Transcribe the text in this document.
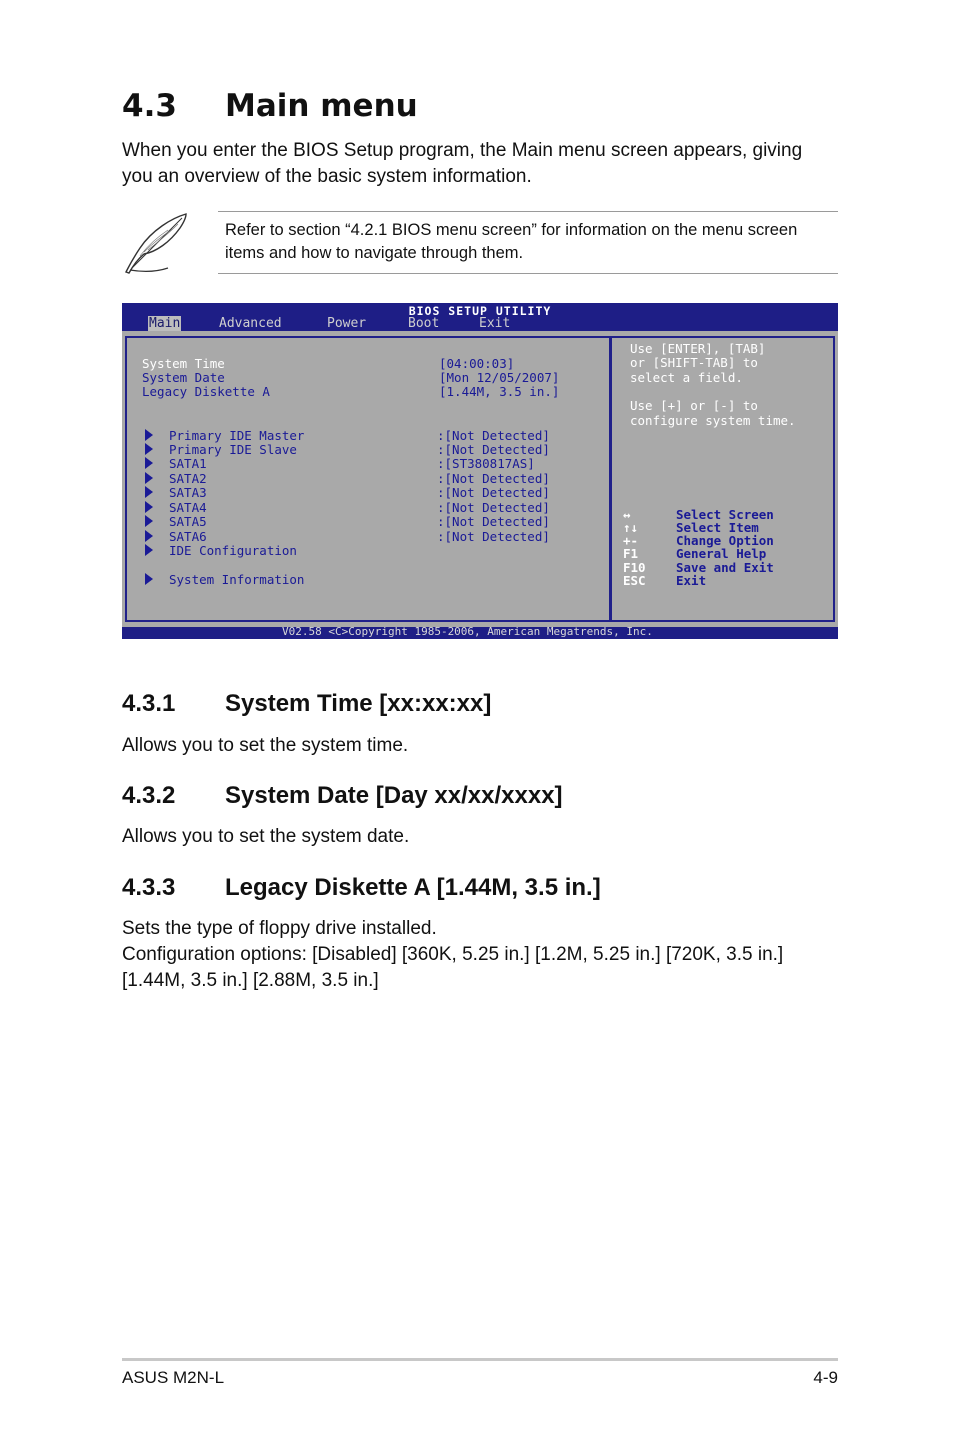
4.3 Main menu
When you enter the BIOS Setup program, the Main menu screen appears, giving you an overview of the basic system information.
Refer to section “4.2.1 BIOS menu screen” for information on the menu screen items and how to navigate through them.
BIOS SETUP UTILITY
Main	Advanced	Power	Boot	Exit
System Time	[04:00:03]
System Date	[Mon 12/05/2007]
Legacy Diskette A	[1.44M, 3.5 in.]
Primary IDE Master	:[Not Detected]
Primary IDE Slave	:[Not Detected]
SATA1	:[ST380817AS]
SATA2	:[Not Detected]
SATA3	:[Not Detected]
SATA4	:[Not Detected]
SATA5	:[Not Detected]
SATA6	:[Not Detected]
IDE Configuration
System Information
Use [ENTER], [TAB]
or [SHIFT-TAB] to
select a field.
Use [+] or [-] to
configure system time.
↔	Select Screen
↑↓	Select Item
+-	Change Option
F1	General Help
F10 Save and Exit
ESC Exit
V02.58 <C>Copyright 1985-2006, American Megatrends, Inc.
4.3.1 System Time [xx:xx:xx]
Allows you to set the system time.
4.3.2 System Date [Day xx/xx/xxxx]
Allows you to set the system date.
4.3.3 Legacy Diskette A [1.44M, 3.5 in.]
Sets the type of floppy drive installed.
Configuration options: [Disabled] [360K, 5.25 in.] [1.2M, 5.25 in.] [720K, 3.5 in.] [1.44M, 3.5 in.] [2.88M, 3.5 in.]
ASUS M2N-L	4-9
